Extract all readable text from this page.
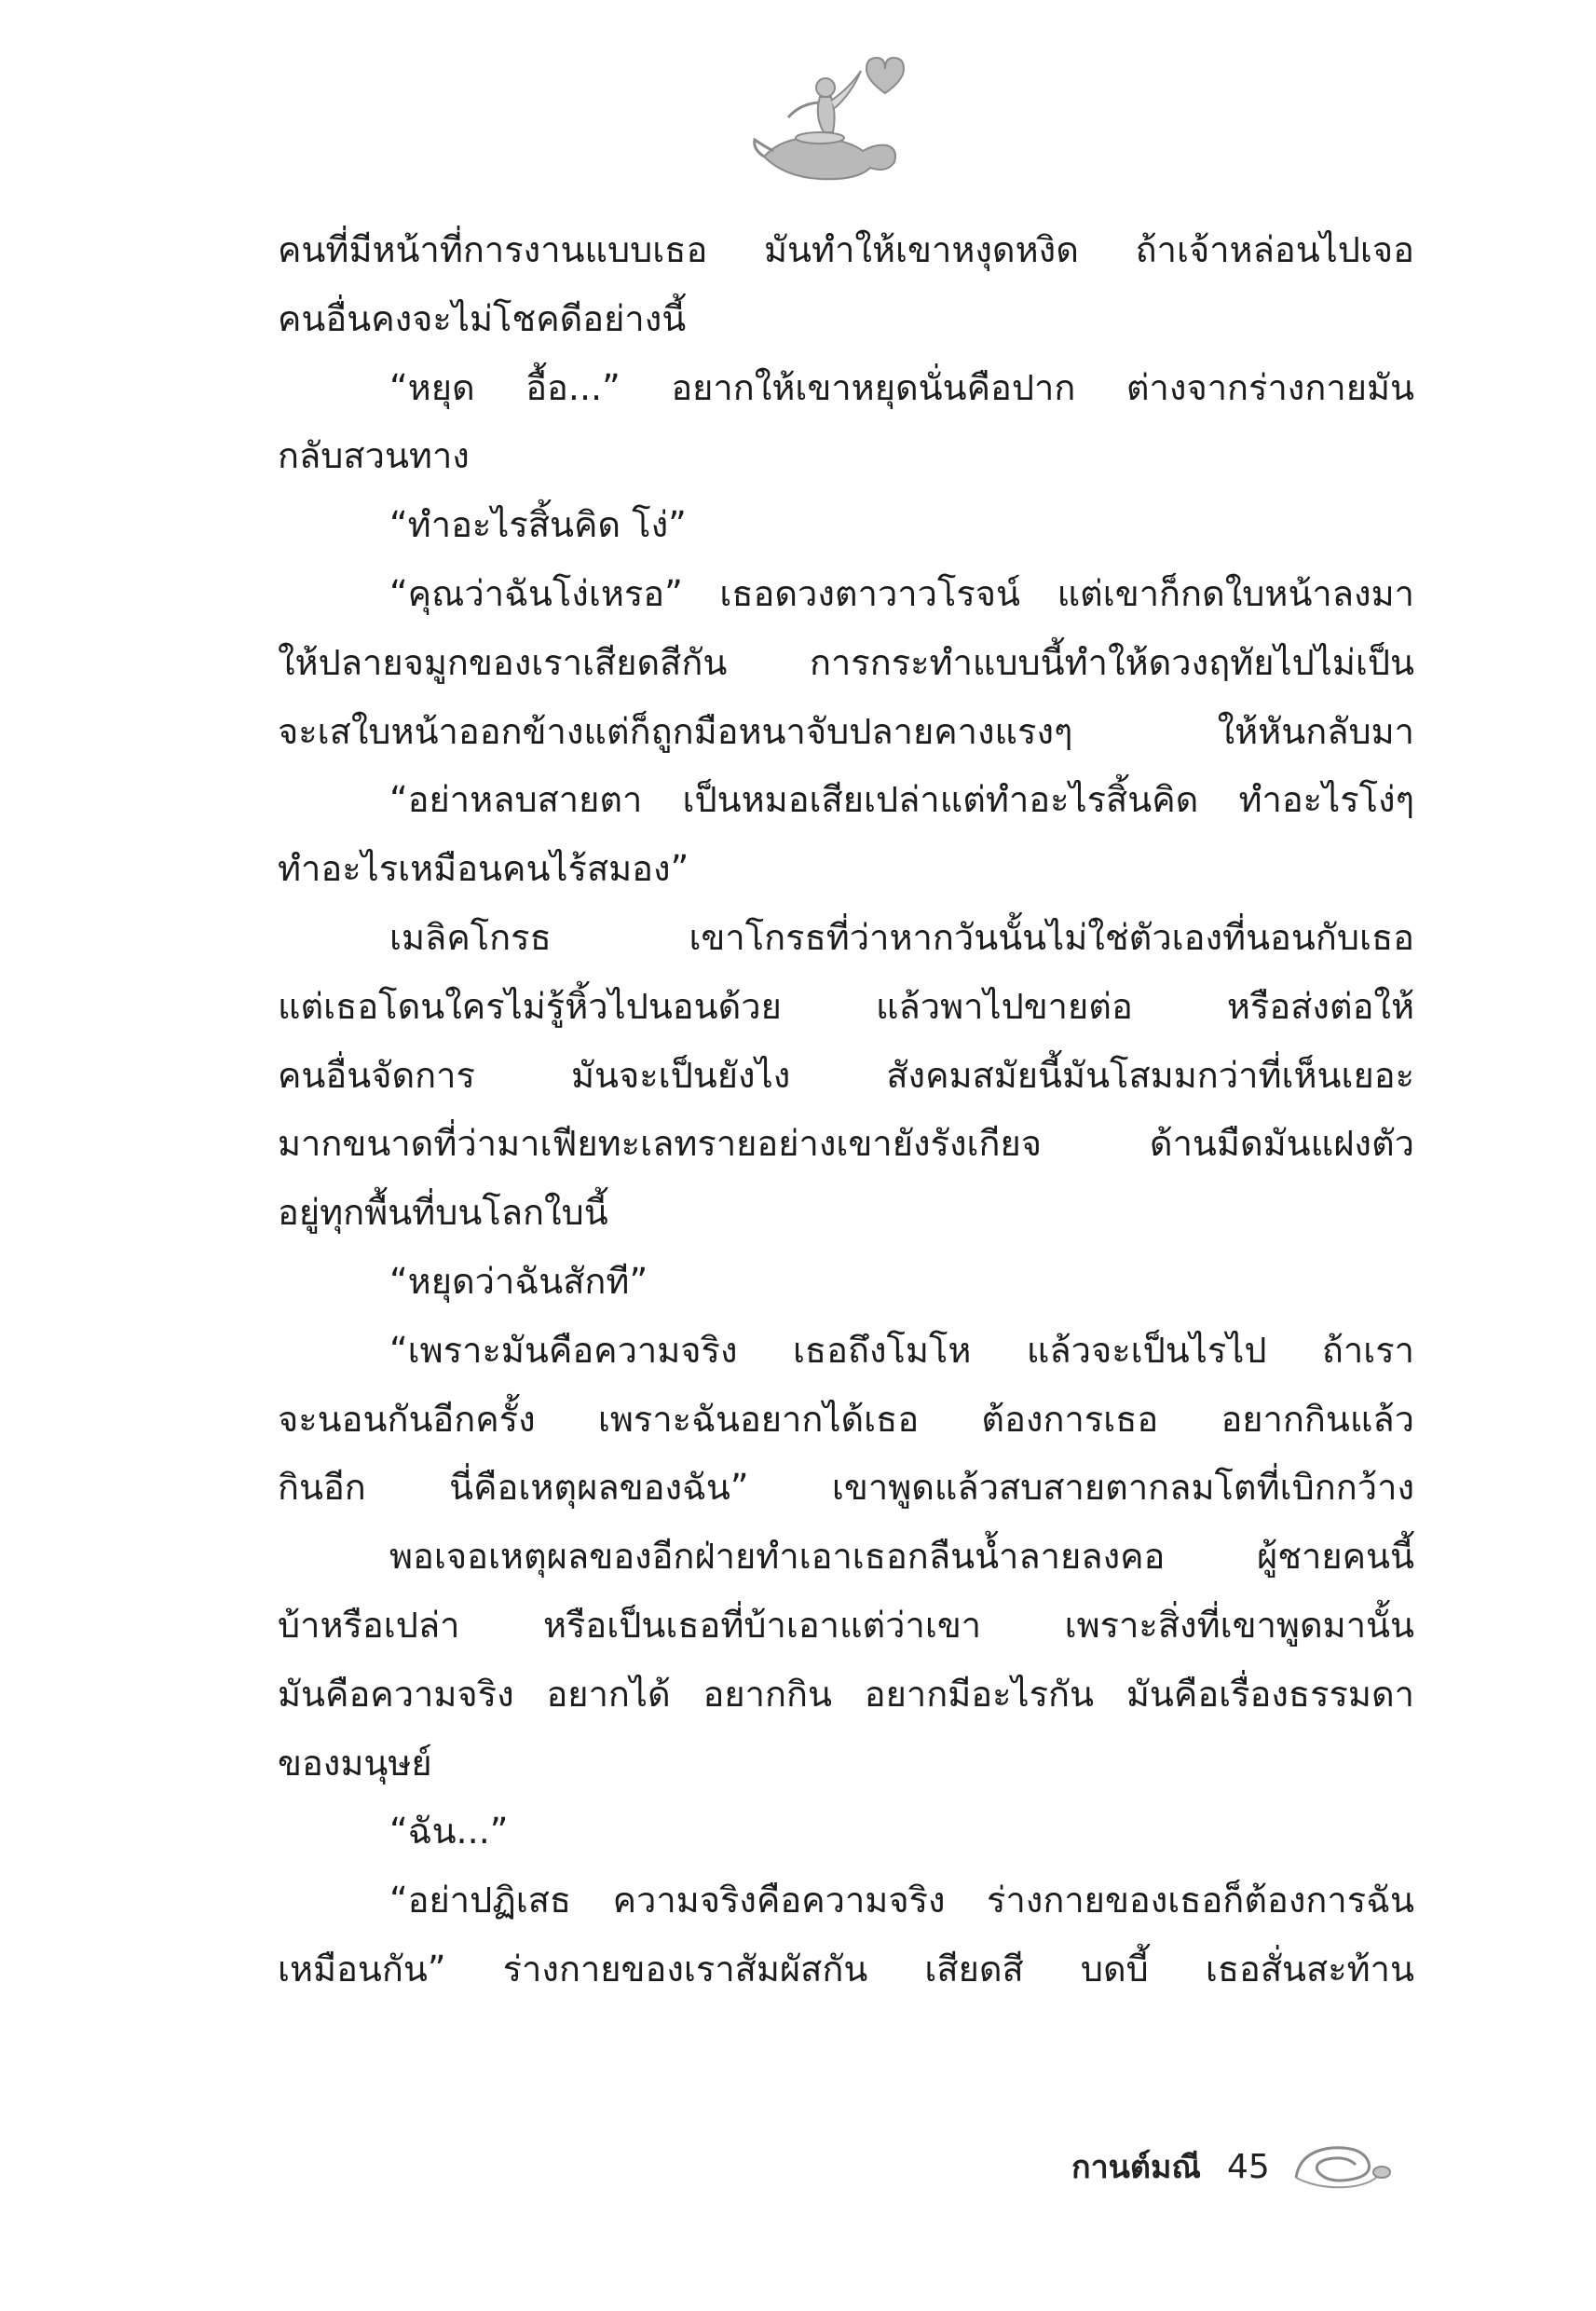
คนที่มีหน้าที่การงานแบบเธอ มันทำให้เขาหงุดหงิด ถ้าเจ้าหล่อนไปเจอ
คนอื่นคงจะไม่โชคดีอย่างนี้
“หยุด อื้อ...” อยากให้เขาหยุดนั่นคือปาก ต่างจากร่างกายมัน
กลับสวนทาง
“ทำอะไรสิ้นคิด โง่”
“คุณว่าฉันโง่เหรอ” เธอดวงตาวาวโรจน์ แต่เขาก็กดใบหน้าลงมา
ให้ปลายจมูกของเราเสียดสีกัน การกระทำแบบนี้ทำให้ดวงฤทัยไปไม่เป็น
จะเสใบหน้าออกข้างแต่ก็ถูกมือหนาจับปลายคางแรงๆ ให้หันกลับมา
“อย่าหลบสายตา เป็นหมอเสียเปล่าแต่ทำอะไรสิ้นคิด ทำอะไรโง่ๆ
ทำอะไรเหมือนคนไร้สมอง”
เมลิคโกรธ เขาโกรธที่ว่าหากวันนั้นไม่ใช่ตัวเองที่นอนกับเธอ
แต่เธอโดนใครไม่รู้หิ้วไปนอนด้วย แล้วพาไปขายต่อ หรือส่งต่อให้
คนอื่นจัดการ มันจะเป็นยังไง สังคมสมัยนี้มันโสมมกว่าที่เห็นเยอะ
มากขนาดที่ว่ามาเฟียทะเลทรายอย่างเขายังรังเกียจ ด้านมืดมันแฝงตัว
อยู่ทุกพื้นที่บนโลกใบนี้
“หยุดว่าฉันสักที”
“เพราะมันคือความจริง เธอถึงโมโห แล้วจะเป็นไรไป ถ้าเรา
จะนอนกันอีกครั้ง เพราะฉันอยากได้เธอ ต้องการเธอ อยากกินแล้ว
กินอีก นี่คือเหตุผลของฉัน” เขาพูดแล้วสบสายตากลมโตที่เบิกกว้าง
พอเจอเหตุผลของอีกฝ่ายทำเอาเธอกลืนน้ำลายลงคอ ผู้ชายคนนี้
บ้าหรือเปล่า หรือเป็นเธอที่บ้าเอาแต่ว่าเขา เพราะสิ่งที่เขาพูดมานั้น
มันคือความจริง อยากได้ อยากกิน อยากมีอะไรกัน มันคือเรื่องธรรมดา
ของมนุษย์
“ฉัน...”
“อย่าปฏิเสธ ความจริงคือความจริง ร่างกายของเธอก็ต้องการฉัน
เหมือนกัน” ร่างกายของเราสัมผัสกัน เสียดสี บดบี้ เธอสั่นสะท้าน
กานต์มณี 45
